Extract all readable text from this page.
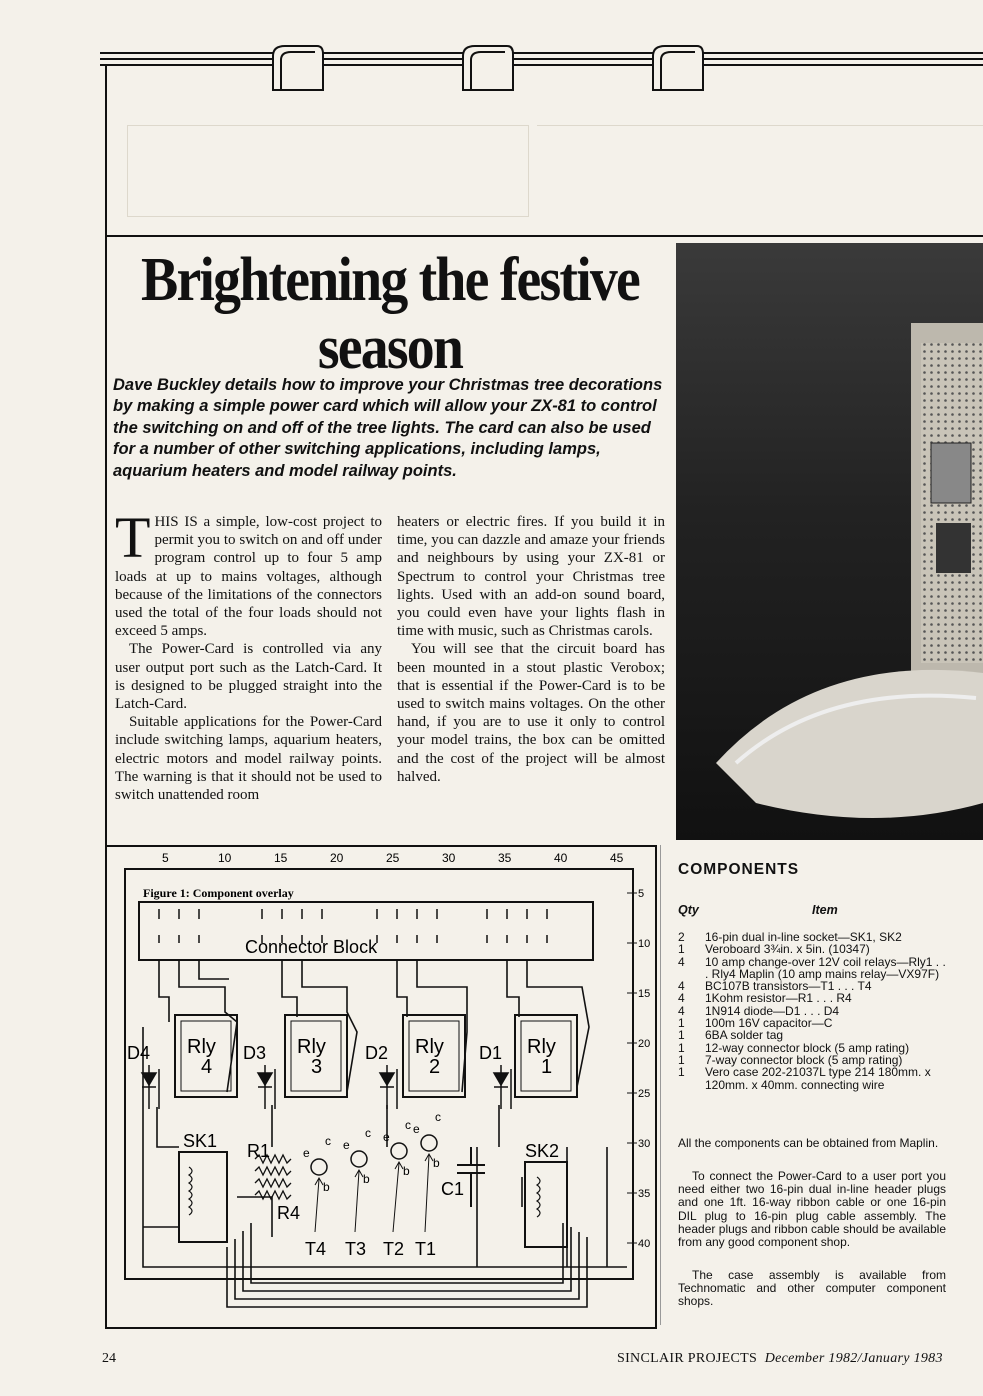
Brightening the festive season

Dave Buckley details how to improve your Christmas tree decorations by making a simple power card which will allow your ZX-81 to control the switching on and off of the tree lights. The card can also be used for a number of other switching applications, including lamps, aquarium heaters and model railway points.

THIS IS a simple, low-cost project to permit you to switch on and off under program control up to four 5 amp loads at up to mains voltages, although because of the limitations of the connectors used the total of the four loads should not exceed 5 amps.

The Power-Card is controlled via any user output port such as the Latch-Card. It is designed to be plugged straight into the Latch-Card.

Suitable applications for the Power-Card include switching lamps, aquarium heaters, electric motors and model railway points. The warning is that it should not be used to switch unattended room

heaters or electric fires. If you build it in time, you can dazzle and amaze your friends and neighbours by using your ZX-81 or Spectrum to control your Christmas tree lights. Used with an add-on sound board, you could even have your lights flash in time with music, such as Christmas carols.

You will see that the circuit board has been mounted in a stout plastic Verobox; that is essential if the Power-Card is to be used to switch mains voltages. On the other hand, if you are to use it only to control your model trains, the box can be omitted and the cost of the project will be almost halved.

Connector Block
Figure 1: Component overlay
Rly
4
Rly
3
Rly
2
Rly
1
D4	D3	D2	D1
SK1	SK2
R1
R4
C1
e
b
c
T4
e
b
c
T3
e
b
c
T2
e
b
c
T1
5	10	15	20	25	30	35	40	45
5
10
15
20
25
30
35
40
COMPONENTS
Qty	Item
2	16-pin dual in-line socket—SK1, SK2
1	Veroboard 3¾in. x 5in. (10347)
4	10 amp change-over 12V coil relays—Rly1 . . . Rly4 Maplin (10 amp mains relay—VX97F)
4	BC107B transistors—T1 . . . T4
4	1Kohm resistor—R1 . . . R4
4	1N914 diode—D1 . . . D4
1	100m 16V capacitor—C
1	6BA solder tag
1	12-way connector block (5 amp rating)
1	7-way connector block (5 amp rating)
1	Vero case 202-21037L type 214 180mm. x 120mm. x 40mm. connecting wire

All the components can be obtained from Maplin.

To connect the Power-Card to a user port you need either two 16-pin dual in-line header plugs and one 1ft. 16-way ribbon cable or one 16-pin DIL plug to 16-pin plug cable assembly. The header plugs and ribbon cable should be available from any good component shop.

The case assembly is available from Technomatic and other computer component shops.

24	SINCLAIR PROJECTS December 1982/January 1983
